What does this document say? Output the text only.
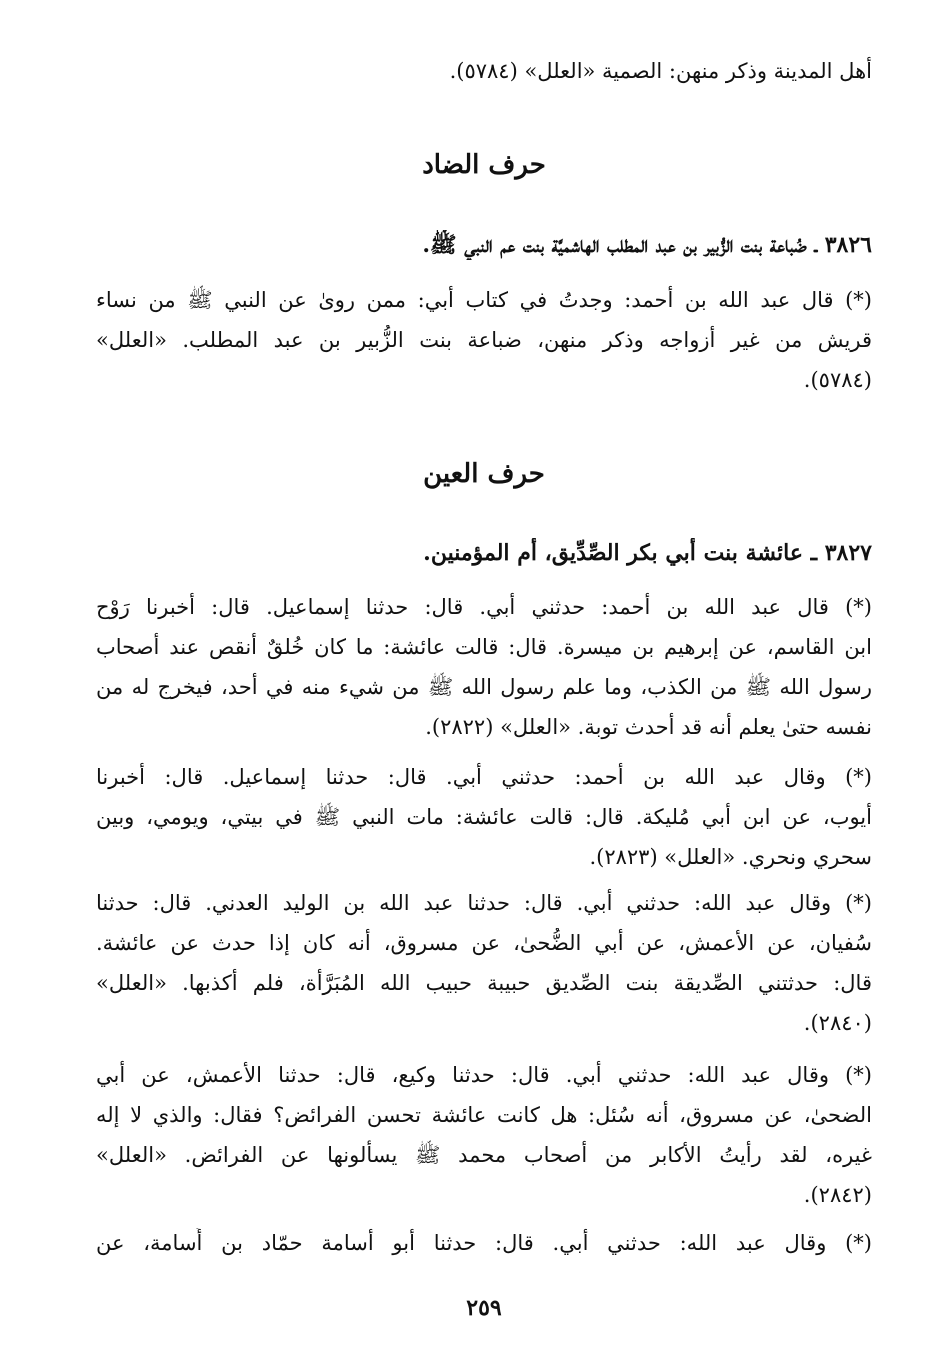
أهل المدينة وذكر منهن: الصمية «العلل» (٥٧٨٤).
حرف الضاد
٣٨٢٦ ـ ضُباعة بنت الزُّبير بن عبد المطلب الهاشميَّة بنت عم النبي ﷺ.
(*) قال عبد الله بن أحمد: وجدتُ في كتاب أبي: ممن روىٰ عن النبي ﷺ من نساء
قريش من غير أزواجه وذكر منهن، ضباعة بنت الزُّبير بن عبد المطلب. «العلل»
(٥٧٨٤).
حرف العين
٣٨٢٧ ـ عائشة بنت أبي بكر الصِّدِّيق، أم المؤمنين.
(*) قال عبد الله بن أحمد: حدثني أبي. قال: حدثنا إسماعيل. قال: أخبرنا رَوْح
ابن القاسم، عن إبرهيم بن ميسرة. قال: قالت عائشة: ما كان خُلقٌ أنقص عند أصحاب
رسول الله ﷺ من الكذب، وما علم رسول الله ﷺ من شيء منه في أحد، فيخرج له من
نفسه حتىٰ يعلم أنه قد أحدث توبة. «العلل» (٢٨٢٢).
(*) وقال عبد الله بن أحمد: حدثني أبي. قال: حدثنا إسماعيل. قال: أخبرنا
أيوب، عن ابن أبي مُليكة. قال: قالت عائشة: مات النبي ﷺ في بيتي، ويومي، وبين
سحري ونحري. «العلل» (٢٨٢٣).
(*) وقال عبد الله: حدثني أبي. قال: حدثنا عبد الله بن الوليد العدني. قال: حدثنا
سُفيان، عن الأعمش، عن أبي الضُّحىٰ، عن مسروق، أنه كان إذا حدث عن عائشة.
قال: حدثتني الصِّديقة بنت الصِّديق حبيبة حبيب الله المُبَرَّأة، فلم أكذبها. «العلل»
(٢٨٤٠).
(*) وقال عبد الله: حدثني أبي. قال: حدثنا وكيع، قال: حدثنا الأعمش، عن أبي
الضحىٰ، عن مسروق، أنه سُئل: هل كانت عائشة تحسن الفرائض؟ فقال: والذي لا إله
غيره، لقد رأيتُ الأكابر من أصحاب محمد ﷺ يسألونها عن الفرائض. «العلل»
(٢٨٤٢).
(*) وقال عبد الله: حدثني أبي. قال: حدثنا أبو أسامة حمّاد بن أُسامة، عن
٢٥٩
